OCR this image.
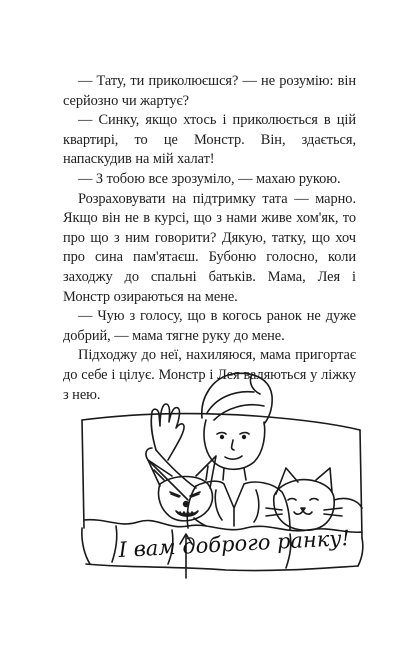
— Тату, ти приколюєшся? — не розумію: він серйозно чи жартує?

— Синку, якщо хтось і приколюється в цій квартирі, то це Монстр. Він, здається, напаскудив на мій халат!

— З тобою все зрозуміло, — махаю рукою.

Розраховувати на підтримку тата — марно. Якщо він не в курсі, що з нами живе хом'як, то про що з ним говорити? Дякую, татку, що хоч про сина пам'ятаєш. Бубоню голосно, коли заходжу до спальні батьків. Мама, Лея і Монстр озираються на мене.

— Чую з голосу, що в когось ранок не дуже добрий, — мама тягне руку до мене.

Підходжу до неї, нахиляюся, мама пригортає до себе і цілує. Монстр і Лея валяються у ліжку з нею.

І вам доброго ранку!
